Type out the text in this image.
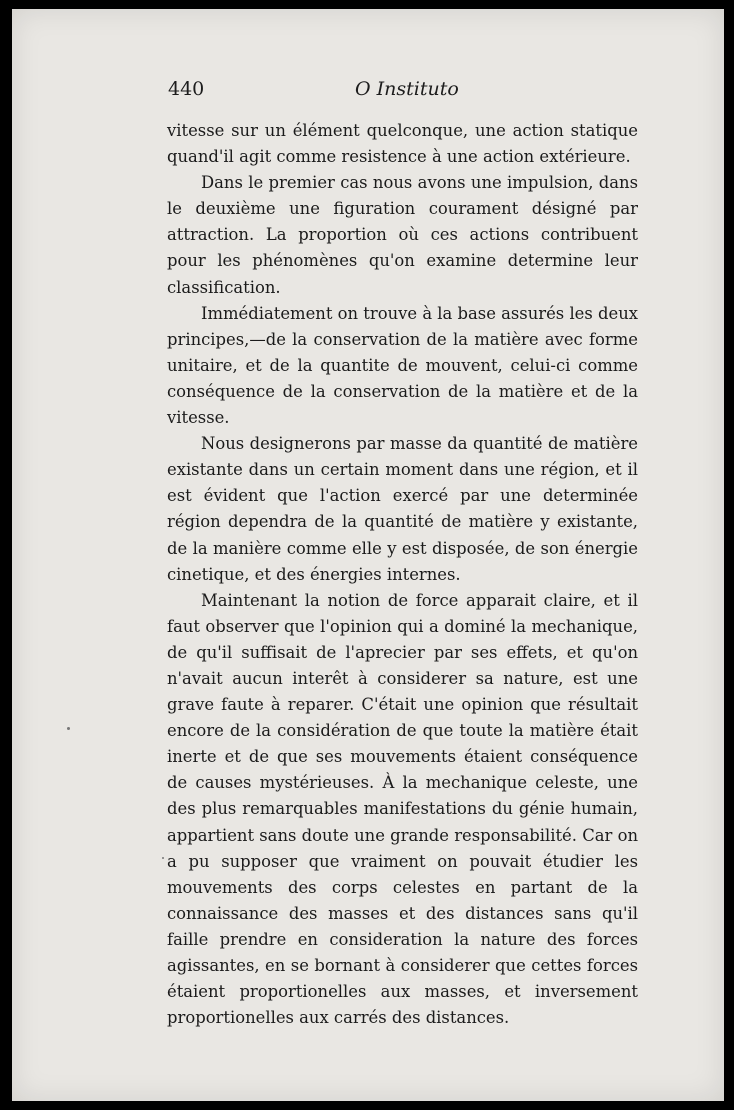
440	O Instituto

vitesse sur un élément quelconque, une action statique quand'il agit comme resistence à une action extérieure.

Dans le premier cas nous avons une impulsion, dans le deuxième une figuration courament désigné par attraction. La proportion où ces actions contribuent pour les phénomènes qu'on examine determine leur classification.

Immédiatement on trouve à la base assurés les deux principes,—de la conservation de la matière avec forme unitaire, et de la quantite de mouvent, celui-ci comme conséquence de la conservation de la matière et de la vitesse.

Nous designerons par masse da quantité de matière existante dans un certain moment dans une région, et il est évident que l'action exercé par une determinée région dependra de la quantité de matière y existante, de la manière comme elle y est disposée, de son énergie cinetique, et des énergies internes.

Maintenant la notion de force apparait claire, et il faut observer que l'opinion qui a dominé la mechanique, de qu'il suffisait de l'aprecier par ses effets, et qu'on n'avait aucun interêt à considerer sa nature, est une grave faute à reparer. C'était une opinion que résultait encore de la considération de que toute la matière était inerte et de que ses mouvements étaient conséquence de causes mystérieuses. À la mechanique celeste, une des plus remarquables manifestations du génie humain, appartient sans doute une grande responsabilité. Car on a pu supposer que vraiment on pouvait étudier les mouvements des corps celestes en partant de la connaissance des masses et des distances sans qu'il faille prendre en consideration la nature des forces agissantes, en se bornant à considerer que cettes forces étaient proportionelles aux masses, et inversement proportionelles aux carrés des distances.
